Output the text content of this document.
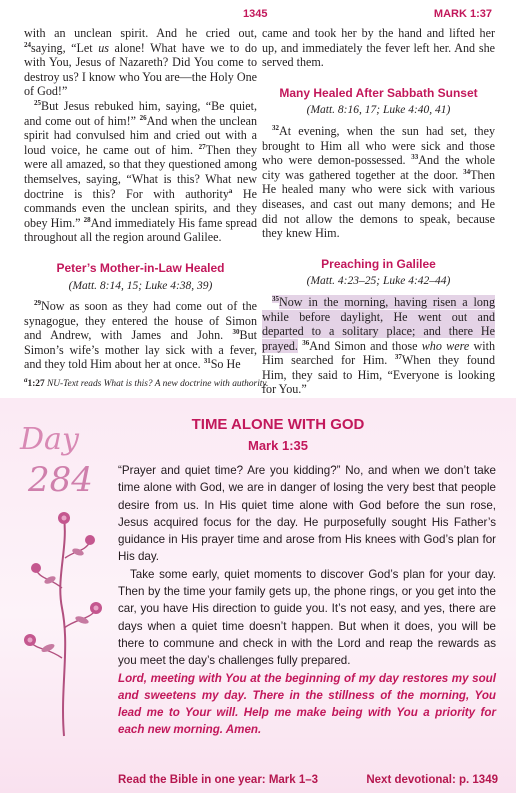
1345	MARK 1:37

with an unclean spirit. And he cried out, $^{24}$saying, “Let us alone! What have we to do with You, Jesus of Nazareth? Did You come to destroy us? I know who You are—the Holy One of God!”

$^{25}$But Jesus rebuked him, saying, “Be quiet, and come out of him!” $^{26}$And when the unclean spirit had convulsed him and cried out with a loud voice, he came out of him. $^{27}$Then they were all amazed, so that they questioned among themselves, saying, “What is this? What new doctrine is this? For with authority$^a$ He commands even the unclean spirits, and they obey Him.” $^{28}$And immediately His fame spread throughout all the region around Galilee.

Peter’s Mother-in-Law Healed
(Matt. 8:14, 15; Luke 4:38, 39)

$^{29}$Now as soon as they had come out of the synagogue, they entered the house of Simon and Andrew, with James and John. $^{30}$But Simon’s wife’s mother lay sick with a fever, and they told Him about her at once. $^{31}$So He

came and took her by the hand and lifted her up, and immediately the fever left her. And she served them.

Many Healed After Sabbath Sunset
(Matt. 8:16, 17; Luke 4:40, 41)

$^{32}$At evening, when the sun had set, they brought to Him all who were sick and those who were demon-possessed. $^{33}$And the whole city was gathered together at the door. $^{34}$Then He healed many who were sick with various diseases, and cast out many demons; and He did not allow the demons to speak, because they knew Him.

Preaching in Galilee
(Matt. 4:23–25; Luke 4:42–44)

$^{35}$Now in the morning, having risen a long while before daylight, He went out and departed to a solitary place; and there He prayed. $^{36}$And Simon and those who were with Him searched for Him. $^{37}$When they found Him, they said to Him, “Everyone is looking for You.”

$^a$1:27 NU-Text reads What is this? A new doctrine with authority.
Day
284
TIME ALONE WITH GOD
Mark 1:35

“Prayer and quiet time? Are you kidding?” No, and when we don’t take time alone with God, we are in danger of losing the very best that people desire from us. In His quiet time alone with God before the sun rose, Jesus acquired focus for the day. He purposefully sought His Father’s guidance in His prayer time and arose from His knees with God’s plan for His day.

Take some early, quiet moments to discover God’s plan for your day. Then by the time your family gets up, the phone rings, or you get into the car, you have His direction to guide you. It’s not easy, and yes, there are days when a quiet time doesn’t happen. But when it does, you will be there to commune and check in with the Lord and reap the rewards as you meet the day’s challenges fully prepared.

Lord, meeting with You at the beginning of my day restores my soul and sweetens my day. There in the stillness of the morning, You lead me to Your will. Help me make being with You a priority for each new morning. Amen.

Read the Bible in one year: Mark 1–3	Next devotional: p. 1349
